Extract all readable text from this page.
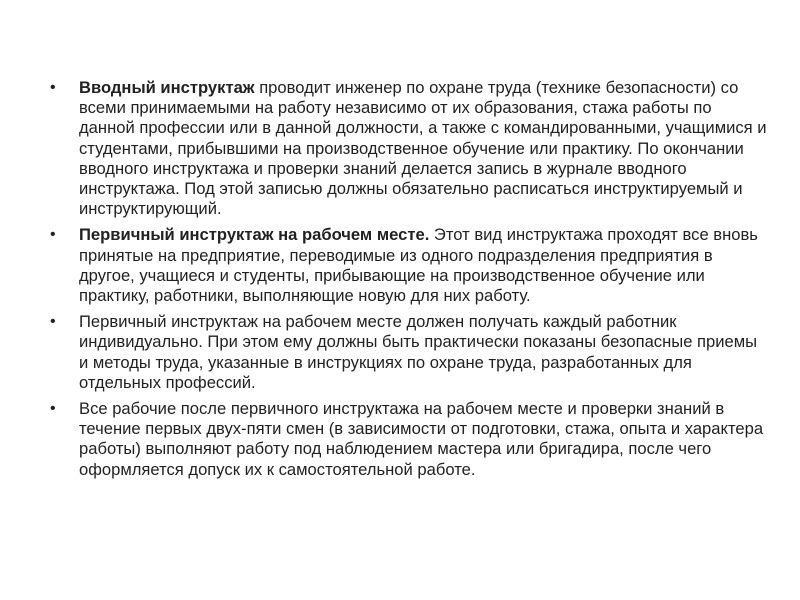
• Вводный инструктаж проводит инженер по охране труда (технике безопасности) со всеми принимаемыми на работу независимо от их образования, стажа работы по данной профессии или в данной должности, а также с командированными, учащимися и студентами, прибывшими на производственное обучение или практику. По окончании вводного инструктажа и проверки знаний делается запись в журнале вводного инструктажа. Под этой записью должны обязательно расписаться инструктируемый и инструктирующий.
• Первичный инструктаж на рабочем месте. Этот вид инструктажа проходят все вновь принятые на предприятие, переводимые из одного подразделения предприятия в другое, учащиеся и студенты, прибывающие на производственное обучение или практику, работники, выполняющие новую для них работу.
• Первичный инструктаж на рабочем месте должен получать каждый работник индивидуально. При этом ему должны быть практически показаны безопасные приемы и методы труда, указанные в инструкциях по охране труда, разработанных для отдельных профессий.
• Все рабочие после первичного инструктажа на рабочем месте и проверки знаний в течение первых двух-пяти смен (в зависимости от подготовки, стажа, опыта и характера работы) выполняют работу под наблюдением мастера или бригадира, после чего оформляется допуск их к самостоятельной работе.
